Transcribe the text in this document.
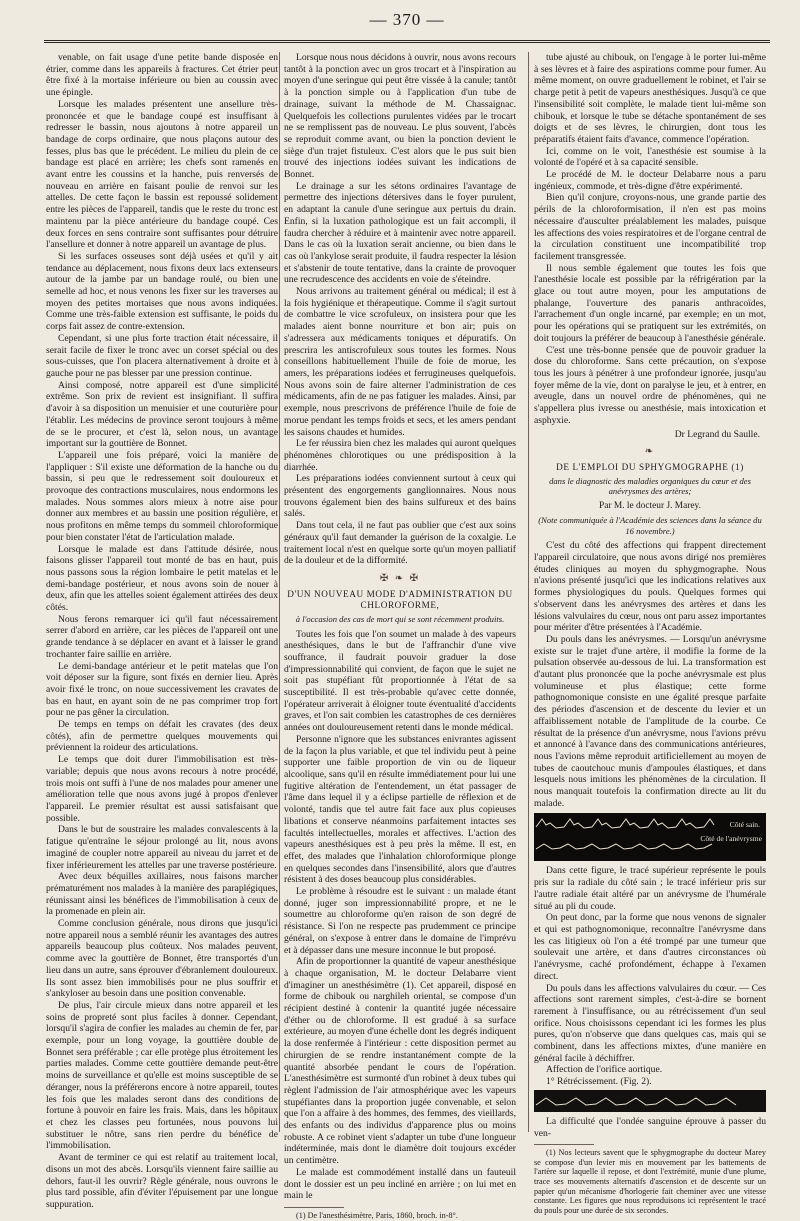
— 370 —

venable, on fait usage d'une petite bande disposée en étrier, comme dans les appareils à fractures. Cet étrier peut être fixé à la mortaise inférieure ou bien au coussin avec une épingle.

Lorsque les malades présentent une ansellure très-prononcée et que le bandage coupé est insuffisant à redresser le bassin, nous ajoutons à notre appareil un bandage de corps ordinaire, que nous plaçons autour des fesses, plus bas que le précédent. Le milieu du plein de ce bandage est placé en arrière; les chefs sont ramenés en avant entre les coussins et la hanche, puis renversés de nouveau en arrière en faisant poulie de renvoi sur les attelles. De cette façon le bassin est repoussé solidement entre les pièces de l'appareil, tandis que le reste du tronc est maintenu par la pièce antérieure du bandage coupé. Ces deux forces en sens contraire sont suffisantes pour détruire l'ansellure et donner à notre appareil un avantage de plus.

Si les surfaces osseuses sont déjà usées et qu'il y ait tendance au déplacement, nous fixons deux lacs extenseurs autour de la jambe par un bandage roulé, ou bien une semelle ad hoc, et nous venons les fixer sur les traverses au moyen des petites mortaises que nous avons indiquées. Comme une très-faible extension est suffisante, le poids du corps fait assez de contre-extension.

Cependant, si une plus forte traction était nécessaire, il serait facile de fixer le tronc avec un corset spécial ou des sous-cuisses, que l'on placera alternativement à droite et à gauche pour ne pas blesser par une pression continue.

Ainsi composé, notre appareil est d'une simplicité extrême. Son prix de revient est insignifiant. Il suffira d'avoir à sa disposition un menuisier et une couturière pour l'établir. Les médecins de province seront toujours à même de se le procurer, et c'est là, selon nous, un avantage important sur la gouttière de Bonnet.

L'appareil une fois préparé, voici la manière de l'appliquer : S'il existe une déformation de la hanche ou du bassin, si peu que le redressement soit douloureux et provoque des contractions musculaires, nous endormons les malades. Nous sommes alors mieux à notre aise pour donner aux membres et au bassin une position régulière, et nous profitons en même temps du sommeil chloroformique pour bien constater l'état de l'articulation malade.

Lorsque le malade est dans l'attitude désirée, nous faisons glisser l'appareil tout monté de bas en haut, puis nous passons sous la région lombaire le petit matelas et le demi-bandage postérieur, et nous avons soin de nouer à deux, afin que les attelles soient également attirées des deux côtés.

Nous ferons remarquer ici qu'il faut nécessairement serrer d'abord en arrière, car les pièces de l'appareil ont une grande tendance à se déplacer en avant et à laisser le grand trochanter faire saillie en arrière.

Le demi-bandage antérieur et le petit matelas que l'on voit déposer sur la figure, sont fixés en dernier lieu. Après avoir fixé le tronc, on noue successivement les cravates de bas en haut, en ayant soin de ne pas comprimer trop fort pour ne pas gêner la circulation.

De temps en temps on défait les cravates (des deux côtés), afin de permettre quelques mouvements qui préviennent la roideur des articulations.

Le temps que doit durer l'immobilisation est très-variable; depuis que nous avons recours à notre procédé, trois mois ont suffi à l'une de nos malades pour amener une amélioration telle que nous avons jugé à propos d'enlever l'appareil. Le premier résultat est aussi satisfaisant que possible.

Dans le but de soustraire les malades convalescents à la fatigue qu'entraîne le séjour prolongé au lit, nous avons imaginé de coupler notre appareil au niveau du jarret et de fixer inférieurement les attelles par une traverse postérieure.

Avec deux béquilles axillaires, nous faisons marcher prématurément nos malades à la manière des paraplégiques, réunissant ainsi les bénéfices de l'immobilisation à ceux de la promenade en plein air.

Comme conclusion générale, nous dirons que jusqu'ici notre appareil nous a semblé réunir les avantages des autres appareils beaucoup plus coûteux. Nos malades peuvent, comme avec la gouttière de Bonnet, être transportés d'un lieu dans un autre, sans éprouver d'ébranlement douloureux. Ils sont assez bien immobilisés pour ne plus souffrir et s'ankyloser au besoin dans une position convenable.

De plus, l'air circule mieux dans notre appareil et les soins de propreté sont plus faciles à donner. Cependant, lorsqu'il s'agira de confier les malades au chemin de fer, par exemple, pour un long voyage, la gouttière double de Bonnet sera préférable ; car elle protège plus étroitement les parties malades. Comme cette gouttière demande peut-être moins de surveillance et qu'elle est moins susceptible de se déranger, nous la préférerons encore à notre appareil, toutes les fois que les malades seront dans des conditions de fortune à pouvoir en faire les frais. Mais, dans les hôpitaux et chez les classes peu fortunées, nous pouvons lui substituer le nôtre, sans rien perdre du bénéfice de l'immobilisation.

Avant de terminer ce qui est relatif au traitement local, disons un mot des abcès. Lorsqu'ils viennent faire saillie au dehors, faut-il les ouvrir? Règle générale, nous ouvrons le plus tard possible, afin d'éviter l'épuisement par une longue suppuration.

Lorsque nous nous décidons à ouvrir, nous avons recours tantôt à la ponction avec un gros trocart et à l'inspiration au moyen d'une seringue qui peut être vissée à la canule; tantôt à la ponction simple ou à l'application d'un tube de drainage, suivant la méthode de M. Chassaignac. Quelquefois les collections purulentes vidées par le trocart ne se remplissent pas de nouveau. Le plus souvent, l'abcès se reproduit comme avant, ou bien la ponction devient le siège d'un trajet fistuleux. C'est alors que le pus suit bien trouvé des injections iodées suivant les indications de Bonnet.

Le drainage a sur les sétons ordinaires l'avantage de permettre des injections détersives dans le foyer purulent, en adaptant la canule d'une seringue aux pertuis du drain. Enfin, si la luxation pathologique est un fait accompli, il faudra chercher à réduire et à maintenir avec notre appareil. Dans le cas où la luxation serait ancienne, ou bien dans le cas où l'ankylose serait produite, il faudra respecter la lésion et s'abstenir de toute tentative, dans la crainte de provoquer une recrudescence des accidents en voie de s'éteindre.

Nous arrivons au traitement général ou médical; il est à la fois hygiénique et thérapeutique. Comme il s'agit surtout de combattre le vice scrofuleux, on insistera pour que les malades aient bonne nourriture et bon air; puis on s'adressera aux médicaments toniques et dépuratifs. On prescrira les antiscrofuleux sous toutes les formes. Nous conseillons habituellement l'huile de foie de morue, les amers, les préparations iodées et ferrugineuses quelquefois. Nous avons soin de faire alterner l'administration de ces médicaments, afin de ne pas fatiguer les malades. Ainsi, par exemple, nous prescrivons de préférence l'huile de foie de morue pendant les temps froids et secs, et les amers pendant les saisons chaudes et humides.

Le fer réussira bien chez les malades qui auront quelques phénomènes chlorotiques ou une prédisposition à la diarrhée.

Les préparations iodées conviennent surtout à ceux qui présentent des engorgements ganglionnaires. Nous nous trouvons également bien des bains sulfureux et des bains salés.

Dans tout cela, il ne faut pas oublier que c'est aux soins généraux qu'il faut demander la guérison de la coxalgie. Le traitement local n'est en quelque sorte qu'un moyen palliatif de la douleur et de la difformité.

✠ ❧ ✠
D'UN NOUVEAU MODE D'ADMINISTRATION DU CHLOROFORME,
à l'occasion des cas de mort qui se sont récemment produits.

Toutes les fois que l'on soumet un malade à des vapeurs anesthésiques, dans le but de l'affranchir d'une vive souffrance, il faudrait pouvoir graduer la dose d'impressionnabilité qui convient, de façon que le sujet ne soit pas stupéfiant fût proportionnée à l'état de sa susceptibilité. Il est très-probable qu'avec cette donnée, l'opérateur arriverait à éloigner toute éventualité d'accidents graves, et l'on sait combien les catastrophes de ces dernières années ont douloureusement retenti dans le monde médical.

Personne n'ignore que les substances enivrantes agissent de la façon la plus variable, et que tel individu peut à peine supporter une faible proportion de vin ou de liqueur alcoolique, sans qu'il en résulte immédiatement pour lui une fugitive altération de l'entendement, un état passager de l'âme dans lequel il y a éclipse partielle de réflexion et de volonté, tandis que tel autre fait face aux plus copieuses libations et conserve néanmoins parfaitement intactes ses facultés intellectuelles, morales et affectives. L'action des vapeurs anesthésiques est à peu près la même. Il est, en effet, des malades que l'inhalation chloroformique plonge en quelques secondes dans l'insensibilité, alors que d'autres résistent à des doses beaucoup plus considérables.

Le problème à résoudre est le suivant : un malade étant donné, juger son impressionnabilité propre, et ne le soumettre au chloroforme qu'en raison de son degré de résistance. Si l'on ne respecte pas prudemment ce principe général, on s'expose à entrer dans le domaine de l'imprévu et à dépasser dans une mesure inconnue le but proposé.

Afin de proportionner la quantité de vapeur anesthésique à chaque organisation, M. le docteur Delabarre vient d'imaginer un anesthésimètre (1). Cet appareil, disposé en forme de chibouk ou narghileh oriental, se compose d'un récipient destiné à contenir la quantité jugée nécessaire d'éther ou de chloroforme. Il est gradué à sa surface extérieure, au moyen d'une échelle dont les degrés indiquent la dose renfermée à l'intérieur : cette disposition permet au chirurgien de se rendre instantanément compte de la quantité absorbée pendant le cours de l'opération. L'anesthésimètre est surmonté d'un robinet à deux tubes qui règlent l'admission de l'air atmosphérique avec les vapeurs stupéfiantes dans la proportion jugée convenable, et selon que l'on a affaire à des hommes, des femmes, des vieillards, des enfants ou des individus d'apparence plus ou moins robuste. A ce robinet vient s'adapter un tube d'une longueur indéterminée, mais dont le diamètre doit toujours excéder un centimètre.

Le malade est commodément installé dans un fauteuil dont le dossier est un peu incliné en arrière ; on lui met en main le

(1) De l'anesthésimètre, Paris, 1860, broch. in-8°.

tube ajusté au chibouk, on l'engage à le porter lui-même à ses lèvres et à faire des aspirations comme pour fumer. Au même moment, on ouvre graduellement le robinet, et l'air se charge petit à petit de vapeurs anesthésiques. Jusqu'à ce que l'insensibilité soit complète, le malade tient lui-même son chibouk, et lorsque le tube se détache spontanément de ses doigts et de ses lèvres, le chirurgien, dont tous les préparatifs étaient faits d'avance, commence l'opération.

Ici, comme on le voit, l'anesthésie est soumise à la volonté de l'opéré et à sa capacité sensible.

Le procédé de M. le docteur Delabarre nous a paru ingénieux, commode, et très-digne d'être expérimenté.

Bien qu'il conjure, croyons-nous, une grande partie des périls de la chloroformisation, il n'en est pas moins nécessaire d'ausculter préalablement les malades, puisque les affections des voies respiratoires et de l'organe central de la circulation constituent une incompatibilité trop facilement transgressée.

Il nous semble également que toutes les fois que l'anesthésie locale est possible par la réfrigération par la glace ou tout autre moyen, pour les amputations de phalange, l'ouverture des panaris anthracoïdes, l'arrachement d'un ongle incarné, par exemple; en un mot, pour les opérations qui se pratiquent sur les extrémités, on doit toujours la préférer de beaucoup à l'anesthésie générale.

C'est une très-bonne pensée que de pouvoir graduer la dose du chloroforme. Sans cette précaution, on s'expose tous les jours à pénétrer à une profondeur ignorée, jusqu'au foyer même de la vie, dont on paralyse le jeu, et à entrer, en aveugle, dans un nouvel ordre de phénomènes, qui ne s'appellera plus ivresse ou anesthésie, mais intoxication et asphyxie.

Dr Legrand du Saulle.
❧
DE L'EMPLOI DU SPHYGMOGRAPHE (1)
dans le diagnostic des maladies organiques du cœur et des anévrysmes des artères;
Par M. le docteur J. Marey.
(Note communiquée à l'Académie des sciences dans la séance du 16 novembre.)

C'est du côté des affections qui frappent directement l'appareil circulatoire, que nous avons dirigé nos premières études cliniques au moyen du sphygmographe. Nous n'avions présenté jusqu'ici que les indications relatives aux formes physiologiques du pouls. Quelques formes qui s'observent dans les anévrysmes des artères et dans les lésions valvulaires du cœur, nous ont paru assez importantes pour mériter d'être présentées à l'Académie.

Du pouls dans les anévrysmes. — Lorsqu'un anévrysme existe sur le trajet d'une artère, il modifie la forme de la pulsation observée au-dessous de lui. La transformation est d'autant plus prononcée que la poche anévrysmale est plus volumineuse et plus élastique; cette forme pathognomonique consiste en une égalité presque parfaite des périodes d'ascension et de descente du levier et un affaiblissement notable de l'amplitude de la courbe. Ce résultat de la présence d'un anévrysme, nous l'avions prévu et annoncé à l'avance dans des communications antérieures, nous l'avions même reproduit artificiellement au moyen de tubes de caoutchouc munis d'ampoules élastiques, et dans lesquels nous imitions les phénomènes de la circulation. Il nous manquait toutefois la confirmation directe au lit du malade.

Côté sain.
Côté de l'anévrysme

Dans cette figure, le tracé supérieur représente le pouls pris sur la radiale du côté sain ; le tracé inférieur pris sur l'autre radiale était altéré par un anévrysme de l'humérale situé au pli du coude.

On peut donc, par la forme que nous venons de signaler et qui est pathognomonique, reconnaître l'anévrysme dans les cas litigieux où l'on a été trompé par une tumeur que soulevait une artère, et dans d'autres circonstances où l'anévrysme, caché profondément, échappe à l'examen direct.

Du pouls dans les affections valvulaires du cœur. — Ces affections sont rarement simples, c'est-à-dire se bornent rarement à l'insuffisance, ou au rétrécissement d'un seul orifice. Nous choisissons cependant ici les formes les plus pures, qu'on n'observe que dans quelques cas, mais qui se combinent, dans les affections mixtes, d'une manière en général facile à déchiffrer.

Affection de l'orifice aortique.

1° Rétrécissement. (Fig. 2).

La difficulté que l'ondée sanguine éprouve à passer du ven-

(1) Nos lecteurs savent que le sphygmographe du docteur Marey se compose d'un levier mis en mouvement par les battements de l'artère sur laquelle il repose, et dont l'extrémité, munie d'une plume, trace ses mouvements alternatifs d'ascension et de descente sur un papier qu'un mécanisme d'horlogerie fait cheminer avec une vitesse constante. Les figures que nous reproduisons ici représentent le tracé du pouls pour une durée de six secondes.
